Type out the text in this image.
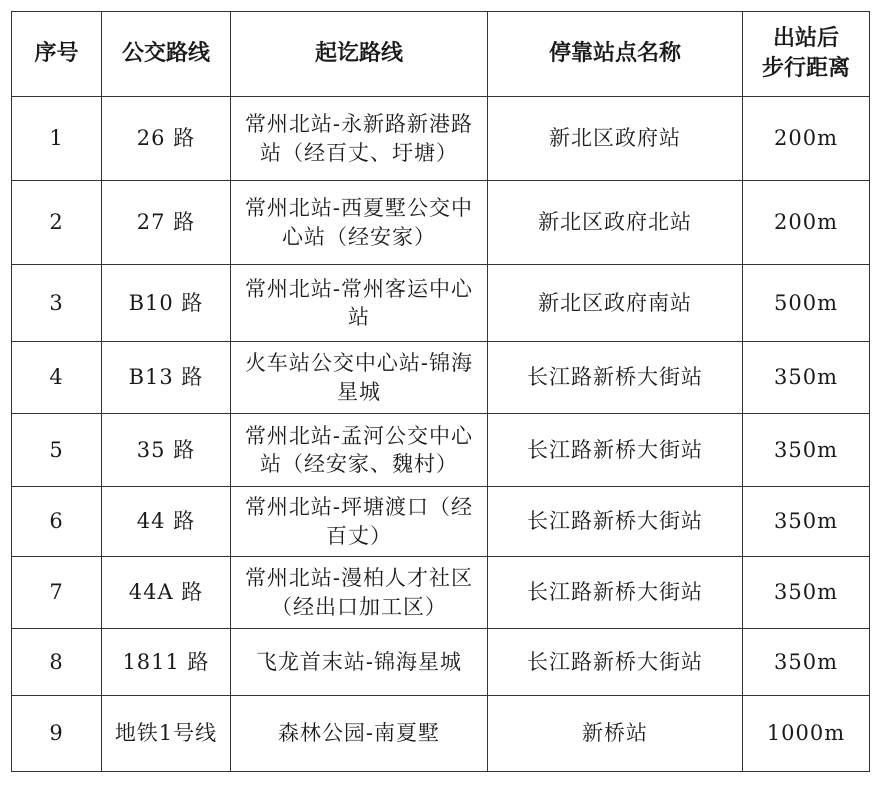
序号	公交路线	起讫路线	停靠站点名称	出站后
步行距离
1	26 路	常州北站-永新路新港路站（经百丈、圩塘）	新北区政府站	200m
2	27 路	常州北站-西夏墅公交中心站（经安家）	新北区政府北站	200m
3	B10 路	常州北站-常州客运中心站	新北区政府南站	500m
4	B13 路	火车站公交中心站-锦海星城	长江路新桥大街站	350m
5	35 路	常州北站-孟河公交中心站（经安家、魏村）	长江路新桥大街站	350m
6	44 路	常州北站-坪塘渡口（经百丈）	长江路新桥大街站	350m
7	44A 路	常州北站-漫柏人才社区（经出口加工区）	长江路新桥大街站	350m
8	1811 路	飞龙首末站-锦海星城	长江路新桥大街站	350m
9	地铁1号线	森林公园-南夏墅	新桥站	1000m
